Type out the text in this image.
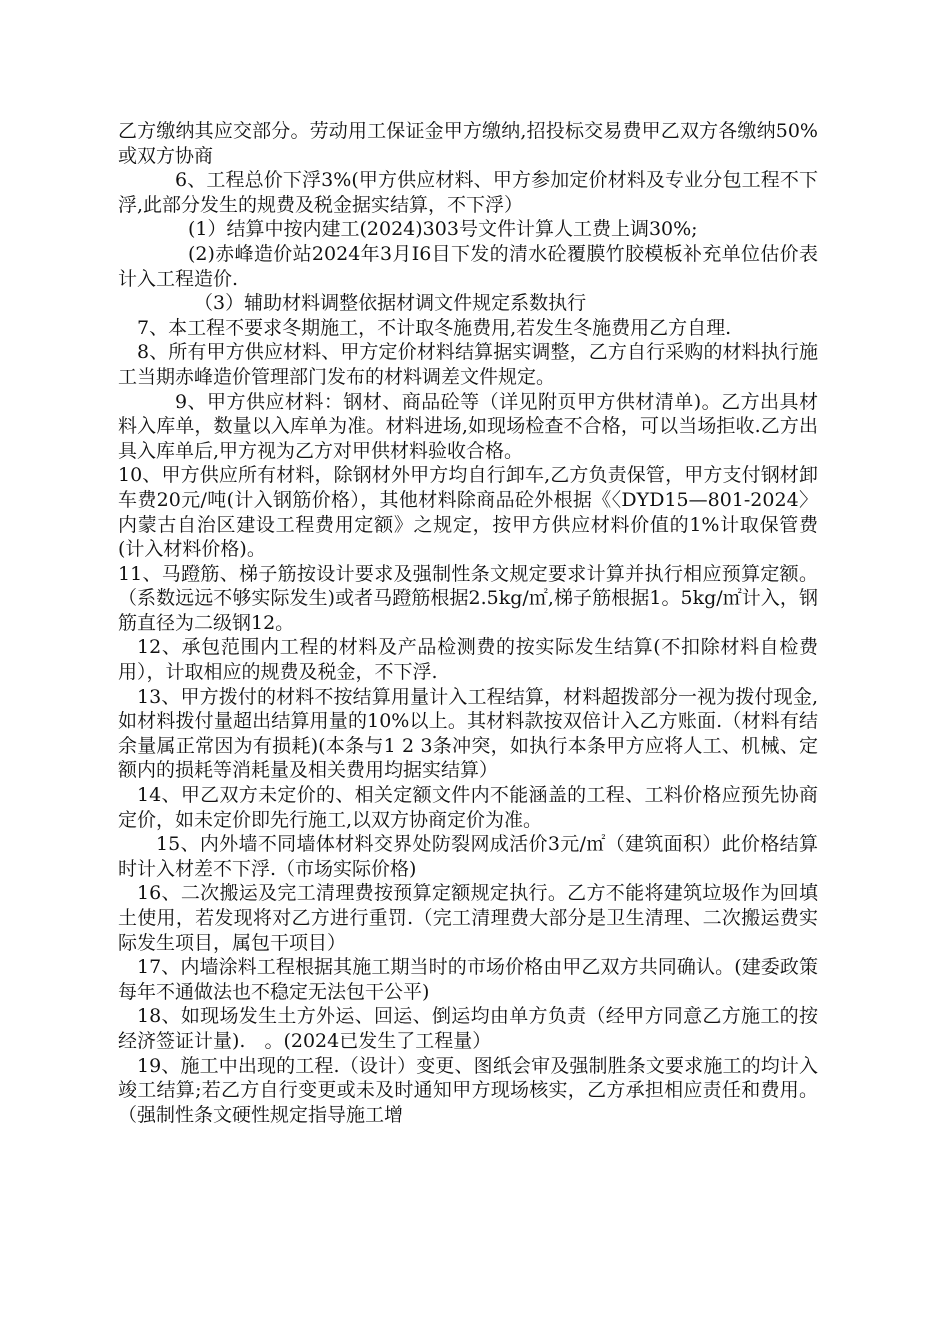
乙方缴纳其应交部分。劳动用工保证金甲方缴纳,招投标交易费甲乙双方各缴纳50%或双方协商

6、工程总价下浮3%(甲方供应材料、甲方参加定价材料及专业分包工程不下浮,此部分发生的规费及税金据实结算，不下浮）

(1）结算中按内建工(2024)303号文件计算人工费上调30%;

(2)赤峰造价站2024年3月I6目下发的清水砼覆膜竹胶模板补充单位估价表计入工程造价.

（3）辅助材料调整依据材调文件规定系数执行

7、本工程不要求冬期施工，不计取冬施费用,若发生冬施费用乙方自理.

8、所有甲方供应材料、甲方定价材料结算据实调整，乙方自行采购的材料执行施工当期赤峰造价管理部门发布的材料调差文件规定。

9、甲方供应材料：钢材、商品砼等（详见附页甲方供材清单)。乙方出具材料入库单，数量以入库单为准。材料进场,如现场检查不合格，可以当场拒收.乙方出具入库单后,甲方视为乙方对甲供材料验收合格。

10、甲方供应所有材料，除钢材外甲方均自行卸车,乙方负责保管，甲方支付钢材卸车费20元/吨(计入钢筋价格），其他材料除商品砼外根据《〈DYD15—801-2024〉内蒙古自治区建设工程费用定额》之规定，按甲方供应材料价值的1%计取保管费(计入材料价格)。

11、马蹬筋、梯子筋按设计要求及强制性条文规定要求计算并执行相应预算定额。（系数远远不够实际发生)或者马蹬筋根据2.5kg/㎡,梯子筋根据1。5kg/㎡计入，钢筋直径为二级钢12。

12、承包范围内工程的材料及产品检测费的按实际发生结算(不扣除材料自检费用），计取相应的规费及税金，不下浮.

13、甲方拨付的材料不按结算用量计入工程结算，材料超拨部分一视为拨付现金,如材料拨付量超出结算用量的10%以上。其材料款按双倍计入乙方账面.（材料有结余量属正常因为有损耗)(本条与1 2 3条冲突，如执行本条甲方应将人工、机械、定额内的损耗等消耗量及相关费用均据实结算）

14、甲乙双方未定价的、相关定额文件内不能涵盖的工程、工料价格应预先协商定价，如未定价即先行施工,以双方协商定价为准。

15、内外墙不同墙体材料交界处防裂网成活价3元/㎡（建筑面积）此价格结算时计入材差不下浮.（市场实际价格)

16、二次搬运及完工清理费按预算定额规定执行。乙方不能将建筑垃圾作为回填土使用，若发现将对乙方进行重罚.（完工清理费大部分是卫生清理、二次搬运费实际发生项目，属包干项目）

17、内墙涂料工程根据其施工期当时的市场价格由甲乙双方共同确认。(建委政策每年不通做法也不稳定无法包干公平)

18、如现场发生土方外运、回运、倒运均由单方负责（经甲方同意乙方施工的按经济签证计量).　。(2024已发生了工程量）

19、施工中出现的工程.（设计）变更、图纸会审及强制胜条文要求施工的均计入竣工结算;若乙方自行变更或未及时通知甲方现场核实，乙方承担相应责任和费用。（强制性条文硬性规定指导施工增
